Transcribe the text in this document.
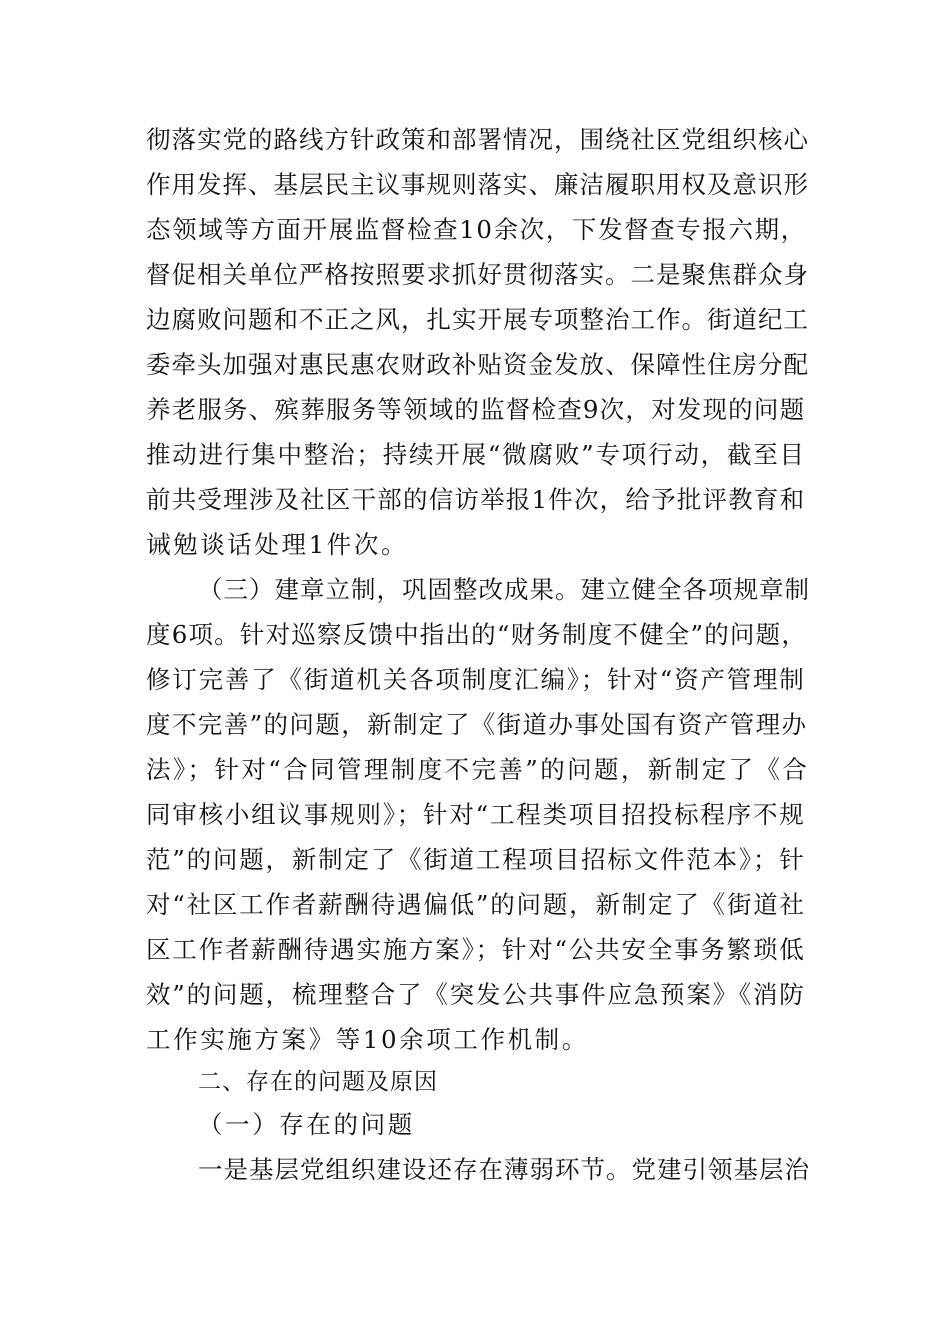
彻落实党的路线方针政策和部署情况，围绕社区党组织核心
作用发挥、基层民主议事规则落实、廉洁履职用权及意识形
态领域等方面开展监督检查10余次，下发督查专报六期，
督促相关单位严格按照要求抓好贯彻落实。二是聚焦群众身
边腐败问题和不正之风，扎实开展专项整治工作。街道纪工
委牵头加强对惠民惠农财政补贴资金发放、保障性住房分配
养老服务、殡葬服务等领域的监督检查9次，对发现的问题
推动进行集中整治；持续开展“微腐败”专项行动，截至目
前共受理涉及社区干部的信访举报1件次，给予批评教育和
诫勉谈话处理1件次。
（三）建章立制，巩固整改成果。建立健全各项规章制
度6项。针对巡察反馈中指出的“财务制度不健全”的问题，
修订完善了《街道机关各项制度汇编》；针对“资产管理制
度不完善”的问题，新制定了《街道办事处国有资产管理办
法》；针对“合同管理制度不完善”的问题，新制定了《合
同审核小组议事规则》；针对“工程类项目招投标程序不规
范”的问题，新制定了《街道工程项目招标文件范本》；针
对“社区工作者薪酬待遇偏低”的问题，新制定了《街道社
区工作者薪酬待遇实施方案》；针对“公共安全事务繁琐低
效”的问题，梳理整合了《突发公共事件应急预案》《消防
工作实施方案》等10余项工作机制。
二、存在的问题及原因
（一）存在的问题
一是基层党组织建设还存在薄弱环节。党建引领基层治
